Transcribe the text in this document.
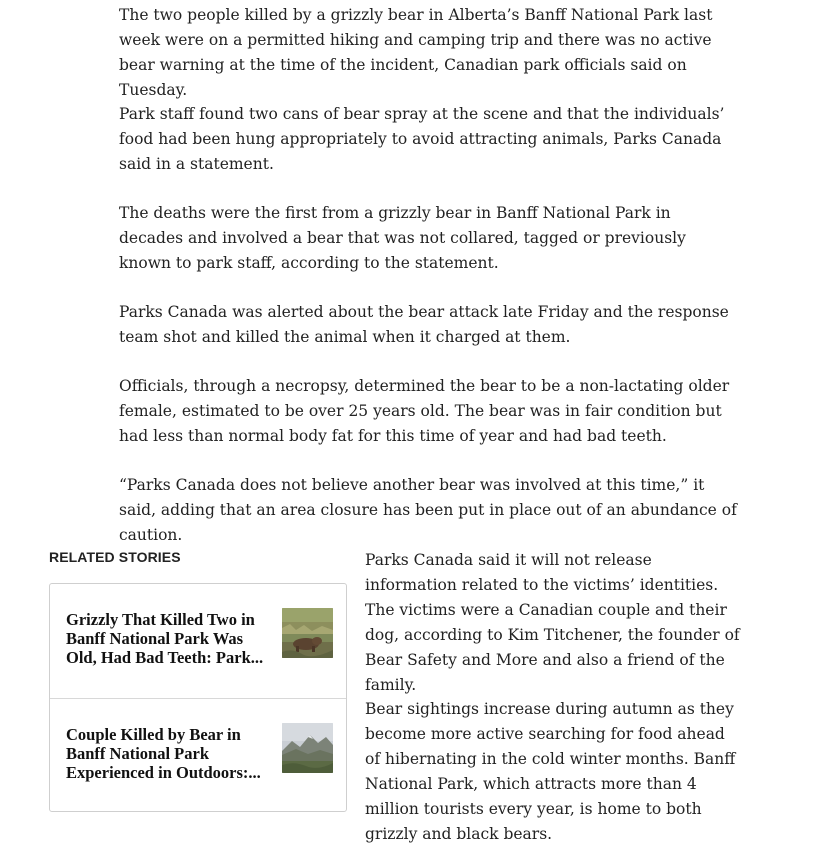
The two people killed by a grizzly bear in Alberta’s Banff National Park last week were on a permitted hiking and camping trip and there was no active bear warning at the time of the incident, Canadian park officials said on Tuesday.

Park staff found two cans of bear spray at the scene and that the individuals’ food had been hung appropriately to avoid attracting animals, Parks Canada said in a statement.

The deaths were the first from a grizzly bear in Banff National Park in decades and involved a bear that was not collared, tagged or previously known to park staff, according to the statement.

Parks Canada was alerted about the bear attack late Friday and the response team shot and killed the animal when it charged at them.

Officials, through a necropsy, determined the bear to be a non-lactating older female, estimated to be over 25 years old. The bear was in fair condition but had less than normal body fat for this time of year and had bad teeth.

“Parks Canada does not believe another bear was involved at this time,” it said, adding that an area closure has been put in place out of an abundance of caution.

Parks Canada said it will not release information related to the victims’ identities. The victims were a Canadian couple and their dog, according to Kim Titchener, the founder of Bear Safety and More and also a friend of the family.

Bear sightings increase during autumn as they become more active searching for food ahead of hibernating in the cold winter months. Banff National Park, which attracts more than 4 million tourists every year, is home to both grizzly and black bears.

RELATED STORIES
Grizzly That Killed Two in Banff National Park Was Old, Had Bad Teeth: Park...
Couple Killed by Bear in Banff National Park Experienced in Outdoors:...
